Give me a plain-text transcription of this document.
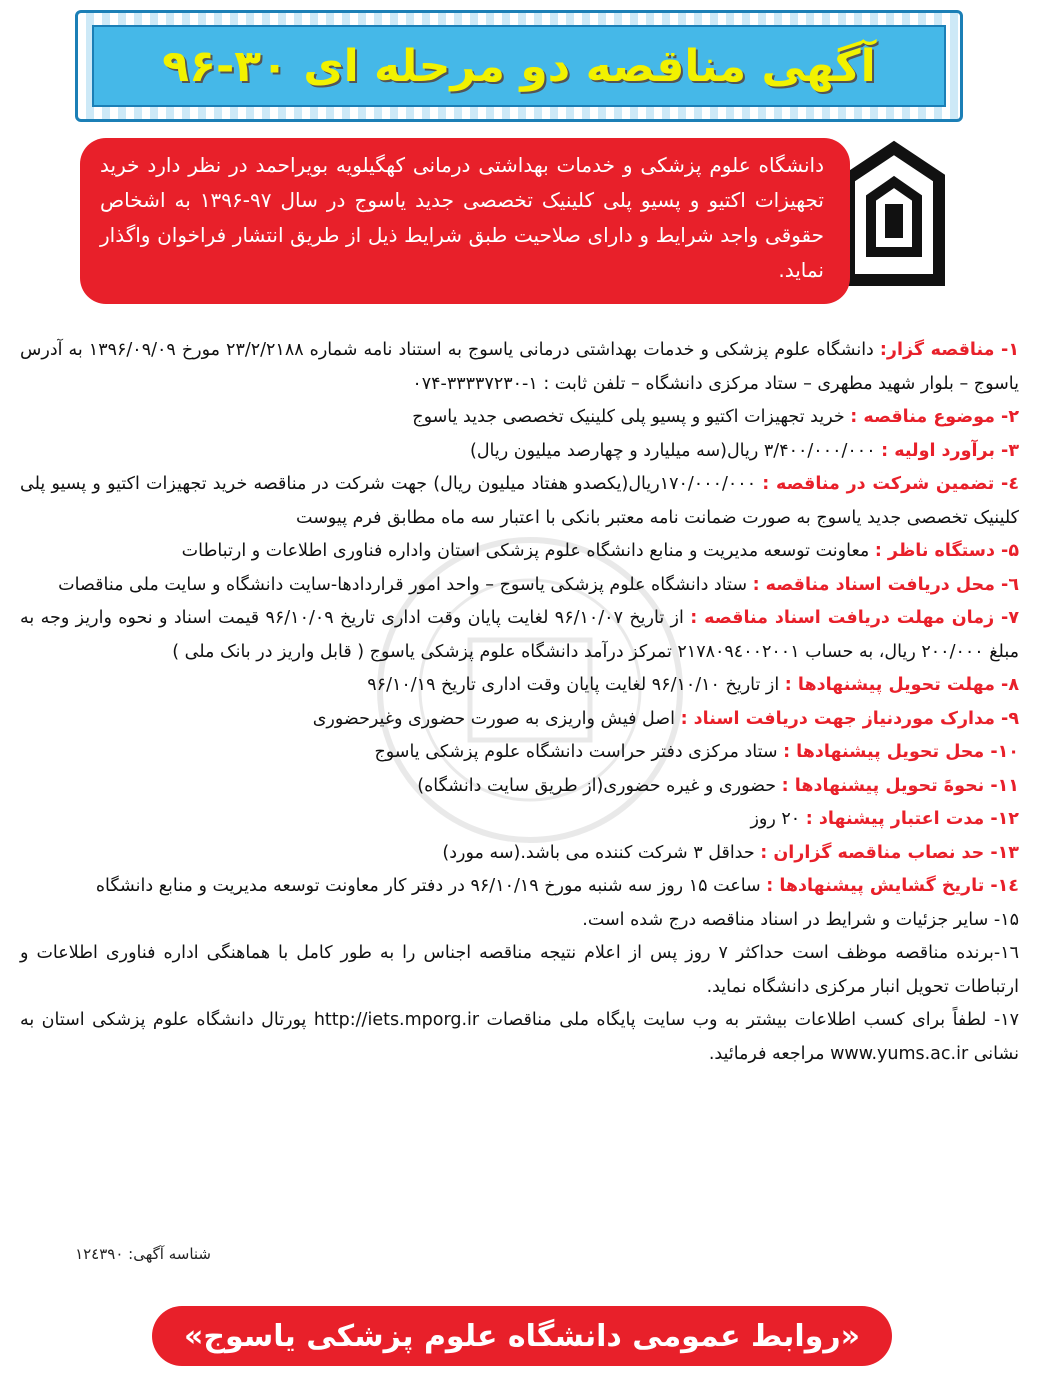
آگهی مناقصه دو مرحله ای ۳۰-۹۶
دانشگاه علوم پزشکی و خدمات بهداشتی درمانی کهگیلویه بویراحمد در نظر دارد خرید تجهیزات اکتیو و پسیو پلی کلینیک تخصصی جدید یاسوج در سال ۹۷-۱۳۹۶ به اشخاص حقوقی واجد شرایط و دارای صلاحیت طبق شرایط ذیل از طریق انتشار فراخوان واگذار نماید.

۱- مناقصه گزار: دانشگاه علوم پزشکی و خدمات بهداشتی درمانی یاسوج به استناد نامه شماره ۲۳/۲/۲۱۸۸ مورخ ۱۳۹۶/۰۹/۰۹ به آدرس یاسوج – بلوار شهید مطهری – ستاد مرکزی دانشگاه – تلفن ثابت : ۱-۳۳۳۳۷۲۳۰-۰۷۴

۲- موضوع مناقصه : خرید تجهیزات اکتیو و پسیو پلی کلینیک تخصصی جدید یاسوج

۳- برآورد اولیه : ۳/۴۰۰/۰۰۰/۰۰۰ ریال(سه میلیارد و چهارصد میلیون ریال)

٤- تضمین شرکت در مناقصه : ۱۷۰/۰۰۰/۰۰۰ریال(یکصدو هفتاد میلیون ریال) جهت شرکت در مناقصه خرید تجهیزات اکتیو و پسیو پلی کلینیک تخصصی جدید یاسوج به صورت ضمانت نامه معتبر بانکی با اعتبار سه ماه مطابق فرم پیوست

۵- دستگاه ناظر : معاونت توسعه مدیریت و منابع دانشگاه علوم پزشکی استان واداره فناوری اطلاعات و ارتباطات

٦- محل دریافت اسناد مناقصه : ستاد دانشگاه علوم پزشکی یاسوج – واحد امور قراردادها-سایت دانشگاه و سایت ملی مناقصات

۷- زمان مهلت دریافت اسناد مناقصه : از تاریخ ۹۶/۱۰/۰۷ لغایت پایان وقت اداری تاریخ ۹۶/۱۰/۰۹ قیمت اسناد و نحوه واریز وجه به مبلغ ۲۰۰/۰۰۰ ریال، به حساب ۲۱۷۸۰۹٤۰۰۲۰۰۱ تمرکز درآمد دانشگاه علوم پزشکی یاسوج ( قابل واریز در بانک ملی )

۸- مهلت تحویل پیشنهادها : از تاریخ ۹۶/۱۰/۱۰ لغایت پایان وقت اداری تاریخ ۹۶/۱۰/۱۹

۹- مدارک موردنیاز جهت دریافت اسناد : اصل فیش واریزی به صورت حضوری وغیرحضوری

۱۰- محل تحویل پیشنهادها : ستاد مرکزی دفتر حراست دانشگاه علوم پزشکی یاسوج

۱۱- نحوهً تحویل پیشنهادها : حضوری و غیره حضوری(از طریق سایت دانشگاه)

۱۲- مدت اعتبار پیشنهاد : ۲۰ روز

۱۳- حد نصاب مناقصه گزاران : حداقل ۳ شرکت کننده می باشد.(سه مورد)

۱٤- تاریخ گشایش پیشنهادها : ساعت ۱۵ روز سه شنبه مورخ ۹۶/۱۰/۱۹ در دفتر کار معاونت توسعه مدیریت و منابع دانشگاه

۱۵- سایر جزئیات و شرایط در اسناد مناقصه درج شده است.

۱٦-برنده مناقصه موظف است حداکثر ۷ روز پس از اعلام نتیجه مناقصه اجناس را به طور کامل با هماهنگی اداره فناوری اطلاعات و ارتباطات تحویل انبار مرکزی دانشگاه نماید.

۱۷- لطفاً برای کسب اطلاعات بیشتر به وب سایت پایگاه ملی مناقصات http://iets.mporg.ir پورتال دانشگاه علوم پزشکی استان به نشانی www.yums.ac.ir مراجعه فرمائید.

شناسه آگهی: ۱۲٤۳۹۰
«روابط عمومی دانشگاه علوم پزشکی یاسوج»
